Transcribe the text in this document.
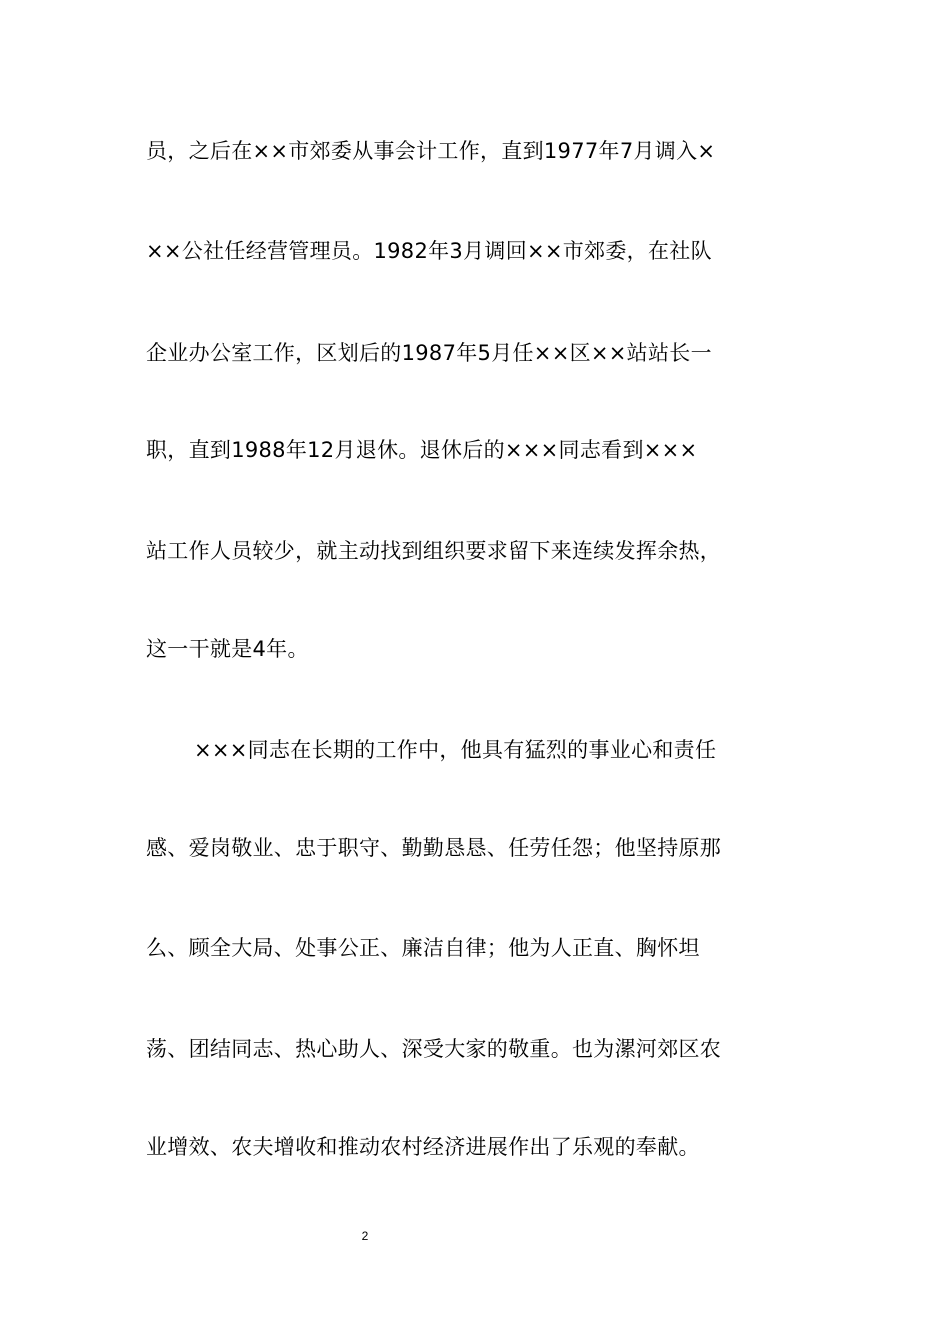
员，之后在××市郊委从事会计工作，直到1977年7月调入×
××公社任经营管理员。1982年3月调回××市郊委，在社队
企业办公室工作，区划后的1987年5月任××区××站站长一
职，直到1988年12月退休。退休后的×××同志看到×××
站工作人员较少，就主动找到组织要求留下来连续发挥余热，
这一干就是4年。
×××同志在长期的工作中，他具有猛烈的事业心和责任
感、爱岗敬业、忠于职守、勤勤恳恳、任劳任怨；他坚持原那
么、顾全大局、处事公正、廉洁自律；他为人正直、胸怀坦
荡、团结同志、热心助人、深受大家的敬重。也为漯河郊区农
业增效、农夫增收和推动农村经济进展作出了乐观的奉献。
2
